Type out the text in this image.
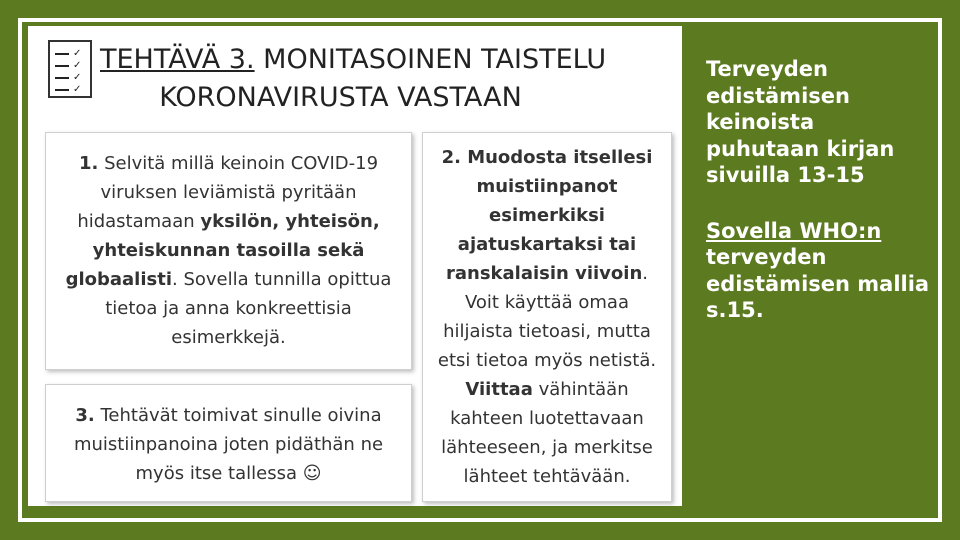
✓
✓
✓
✓
TEHTÄVÄ 3. MONITASOINEN TAISTELU
KORONAVIRUSTA VASTAAN
1. Selvitä millä keinoin COVID-19 viruksen leviämistä pyritään hidastamaan yksilön, yhteisön, yhteiskunnan tasoilla sekä globaalisti. Sovella tunnilla opittua tietoa ja anna konkreettisia esimerkkejä.
2. Muodosta itsellesi muistiinpanot esimerkiksi ajatuskartaksi tai ranskalaisin viivoin. Voit käyttää omaa hiljaista tietoasi, mutta etsi tietoa myös netistä. Viittaa vähintään kahteen luotettavaan lähteeseen, ja merkitse lähteet tehtävään.
3. Tehtävät toimivat sinulle oivina muistiinpanoina joten pidäthän ne myös itse tallessa ☺
Terveyden edistämisen keinoista puhutaan kirjan sivuilla 13-15
Sovella WHO:n terveyden edistämisen mallia s.15.
